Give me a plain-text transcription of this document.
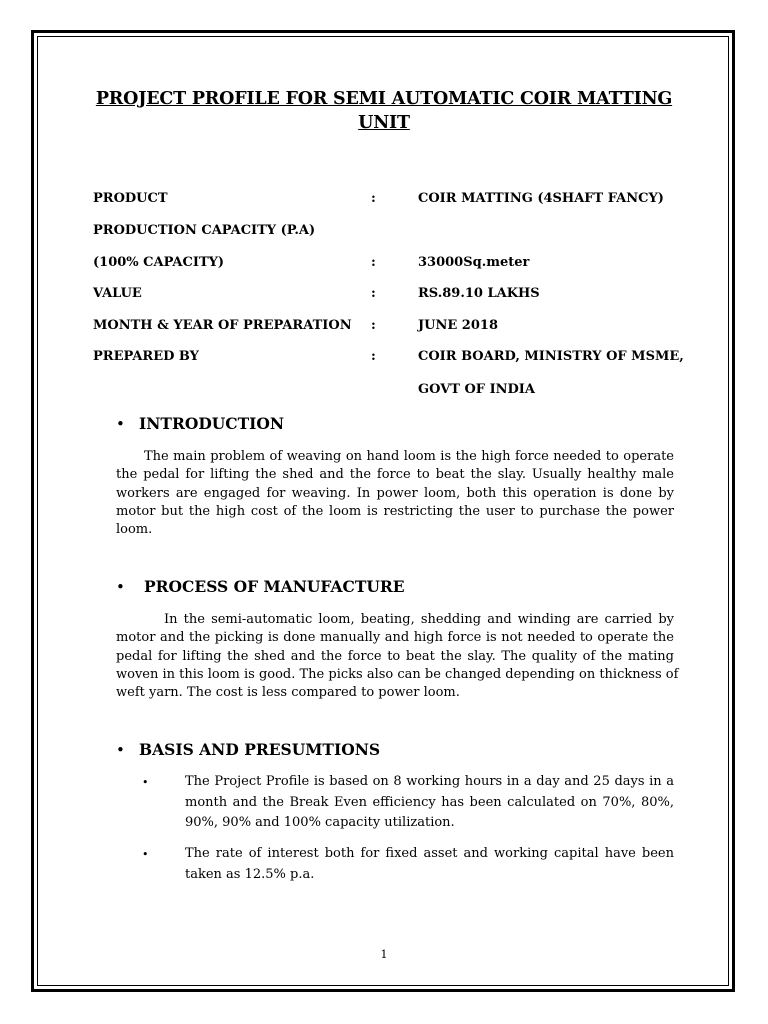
PROJECT PROFILE FOR SEMI AUTOMATIC COIR MATTING
UNIT
PRODUCT	:	COIR MATTING (4SHAFT FANCY)
PRODUCTION CAPACITY (P.A)
(100% CAPACITY)	:	33000Sq.meter
VALUE	:	RS.89.10 LAKHS
MONTH & YEAR OF PREPARATION :	JUNE 2018
PREPARED BY	:	COIR BOARD, MINISTRY OF MSME,
GOVT OF INDIA
• INTRODUCTION
The main problem of weaving on hand loom is the high force needed to operate
the pedal for lifting the shed and the force to beat the slay. Usually healthy male
workers are engaged for weaving. In power loom, both this operation is done by
motor but the high cost of the loom is restricting the user to purchase the power
loom.
• PROCESS OF MANUFACTURE
In the semi-automatic loom, beating, shedding and winding are carried by
motor and the picking is done manually and high force is not needed to operate the
pedal for lifting the shed and the force to beat the slay. The quality of the mating
woven in this loom is good. The picks also can be changed depending on thickness of
weft yarn. The cost is less compared to power loom.
• BASIS AND PRESUMTIONS
•	The Project Profile is based on 8 working hours in a day and 25 days in a
month and the Break Even efficiency has been calculated on 70%, 80%,
90%, 90% and 100% capacity utilization.
•	The rate of interest both for fixed asset and working capital have been
taken as 12.5% p.a.
1
